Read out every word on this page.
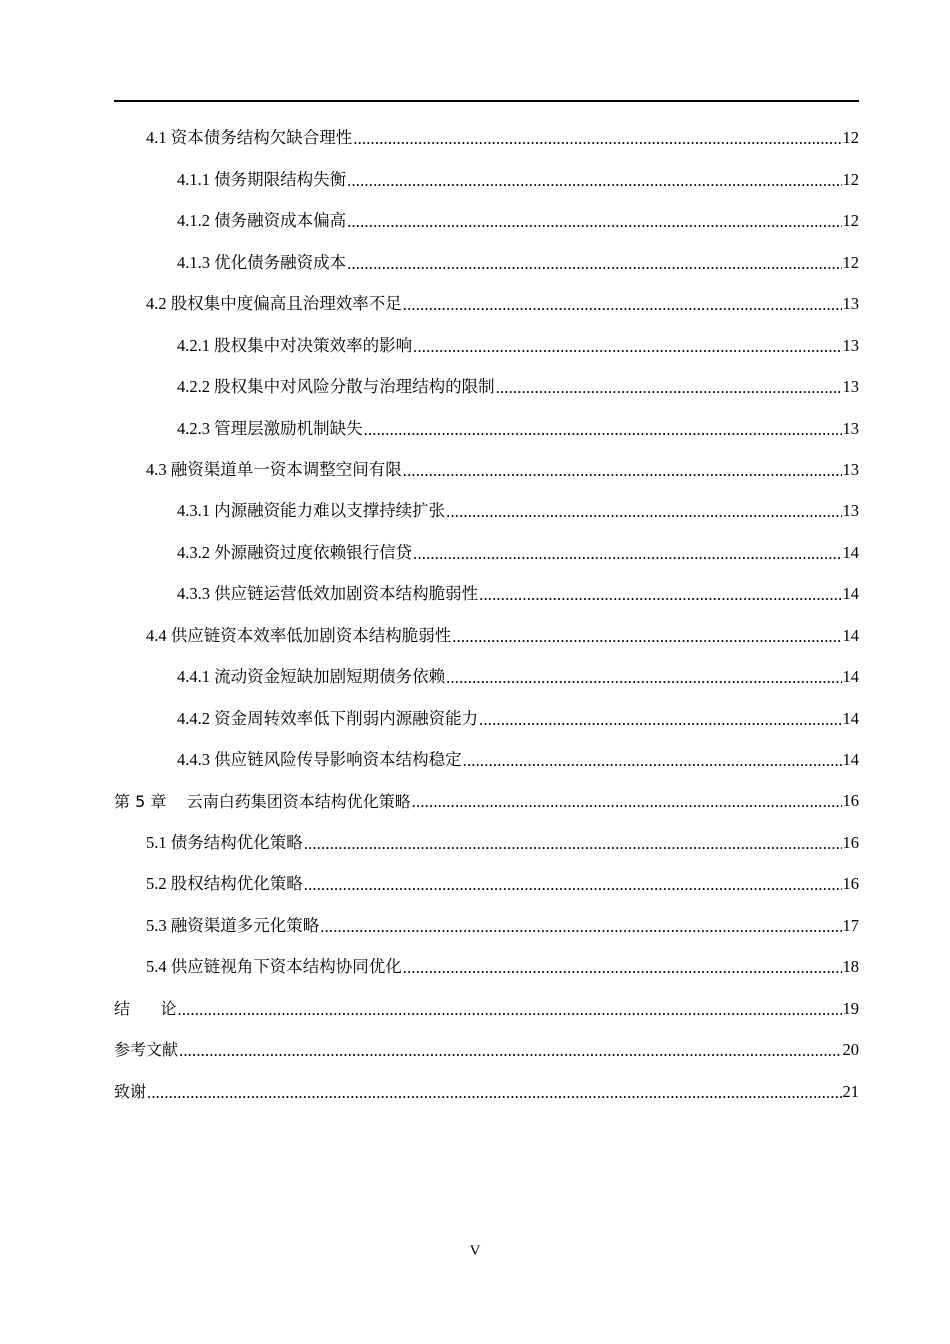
4.1 资本债务结构欠缺合理性 .....	12
4.1.1 债务期限结构失衡 .....	12
4.1.2 债务融资成本偏高 .....	12
4.1.3 优化债务融资成本 .....	12
4.2 股权集中度偏高且治理效率不足 .....	13
4.2.1 股权集中对决策效率的影响 .....	13
4.2.2 股权集中对风险分散与治理结构的限制 .....	13
4.2.3 管理层激励机制缺失 .....	13
4.3 融资渠道单一资本调整空间有限 .....	13
4.3.1 内源融资能力难以支撑持续扩张 .....	13
4.3.2 外源融资过度依赖银行信贷 .....	14
4.3.3 供应链运营低效加剧资本结构脆弱性 .....	14
4.4 供应链资本效率低加剧资本结构脆弱性 .....	14
4.4.1 流动资金短缺加剧短期债务依赖 .....	14
4.4.2 资金周转效率低下削弱内源融资能力 .....	14
4.4.3 供应链风险传导影响资本结构稳定 .....	14
第 5 章    云南白药集团资本结构优化策略 .....	16
5.1 债务结构优化策略 .....	16
5.2 股权结构优化策略 .....	16
5.3 融资渠道多元化策略 .....	17
5.4 供应链视角下资本结构协同优化 .....	18
结      论 .....	19
参考文献 .....	20
致谢 .....	21
V
